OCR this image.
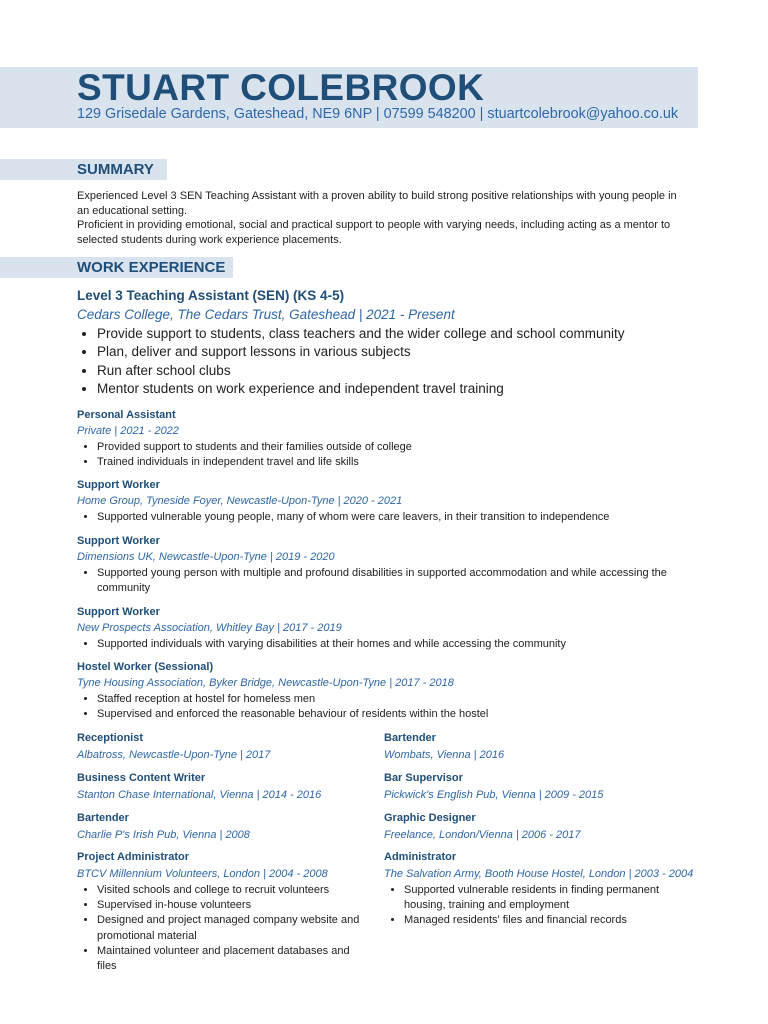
STUART COLEBROOK
129 Grisedale Gardens, Gateshead, NE9 6NP | 07599 548200 | stuartcolebrook@yahoo.co.uk
SUMMARY

Experienced Level 3 SEN Teaching Assistant with a proven ability to build strong positive relationships with young people in an educational setting.

Proficient in providing emotional, social and practical support to people with varying needs, including acting as a mentor to selected students during work experience placements.

WORK EXPERIENCE
Level 3 Teaching Assistant (SEN) (KS 4-5)
Cedars College, The Cedars Trust, Gateshead | 2021 - Present
• Provide support to students, class teachers and the wider college and school community
• Plan, deliver and support lessons in various subjects
• Run after school clubs
• Mentor students on work experience and independent travel training
Personal Assistant
Private | 2021 - 2022
• Provided support to students and their families outside of college
• Trained individuals in independent travel and life skills
Support Worker
Home Group, Tyneside Foyer, Newcastle-Upon-Tyne | 2020 - 2021
• Supported vulnerable young people, many of whom were care leavers, in their transition to independence
Support Worker
Dimensions UK, Newcastle-Upon-Tyne | 2019 - 2020
• Supported young person with multiple and profound disabilities in supported accommodation and while accessing the community
Support Worker
New Prospects Association, Whitley Bay | 2017 - 2019
• Supported individuals with varying disabilities at their homes and while accessing the community
Hostel Worker (Sessional)
Tyne Housing Association, Byker Bridge, Newcastle-Upon-Tyne | 2017 - 2018
• Staffed reception at hostel for homeless men
• Supervised and enforced the reasonable behaviour of residents within the hostel
Receptionist
Albatross, Newcastle-Upon-Tyne | 2017
Business Content Writer
Stanton Chase International, Vienna | 2014 - 2016
Bartender
Charlie P's Irish Pub, Vienna | 2008
Project Administrator
BTCV Millennium Volunteers, London | 2004 - 2008
• Visited schools and college to recruit volunteers
• Supervised in-house volunteers
• Designed and project managed company website and promotional material
• Maintained volunteer and placement databases and files
Bartender
Wombats, Vienna | 2016
Bar Supervisor
Pickwick's English Pub, Vienna | 2009 - 2015
Graphic Designer
Freelance, London/Vienna | 2006 - 2017
Administrator
The Salvation Army, Booth House Hostel, London | 2003 - 2004
• Supported vulnerable residents in finding permanent housing, training and employment
• Managed residents' files and financial records
